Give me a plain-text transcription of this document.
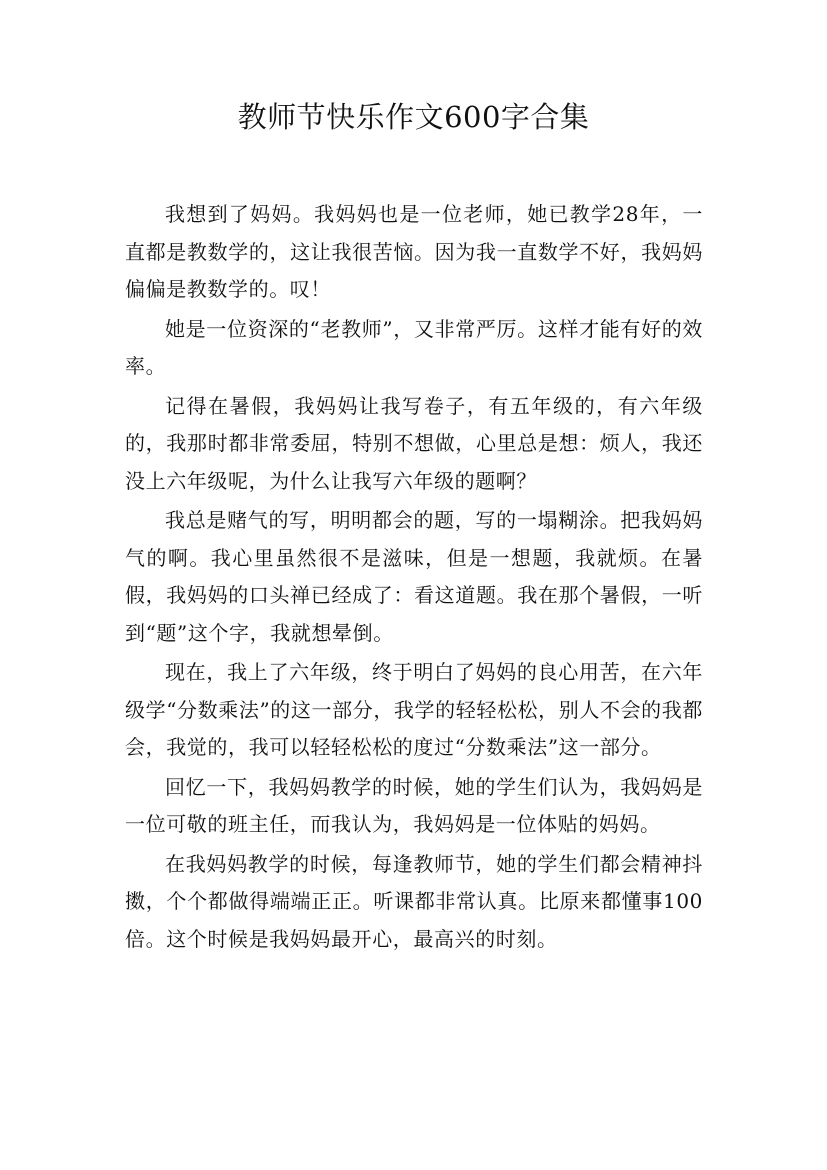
教师节快乐作文600字合集

我想到了妈妈。我妈妈也是一位老师，她已教学28年，一直都是教数学的，这让我很苦恼。因为我一直数学不好，我妈妈偏偏是教数学的。叹！

她是一位资深的“老教师”，又非常严厉。这样才能有好的效率。

记得在暑假，我妈妈让我写卷子，有五年级的，有六年级的，我那时都非常委屈，特别不想做，心里总是想：烦人，我还没上六年级呢，为什么让我写六年级的题啊？

我总是赌气的写，明明都会的题，写的一塌糊涂。把我妈妈气的啊。我心里虽然很不是滋味，但是一想题，我就烦。在暑假，我妈妈的口头禅已经成了：看这道题。我在那个暑假，一听到“题”这个字，我就想晕倒。

现在，我上了六年级，终于明白了妈妈的良心用苦，在六年级学“分数乘法”的这一部分，我学的轻轻松松，别人不会的我都会，我觉的，我可以轻轻松松的度过“分数乘法”这一部分。

回忆一下，我妈妈教学的时候，她的学生们认为，我妈妈是一位可敬的班主任，而我认为，我妈妈是一位体贴的妈妈。

在我妈妈教学的时候，每逢教师节，她的学生们都会精神抖擞，个个都做得端端正正。听课都非常认真。比原来都懂事100倍。这个时候是我妈妈最开心，最高兴的时刻。
